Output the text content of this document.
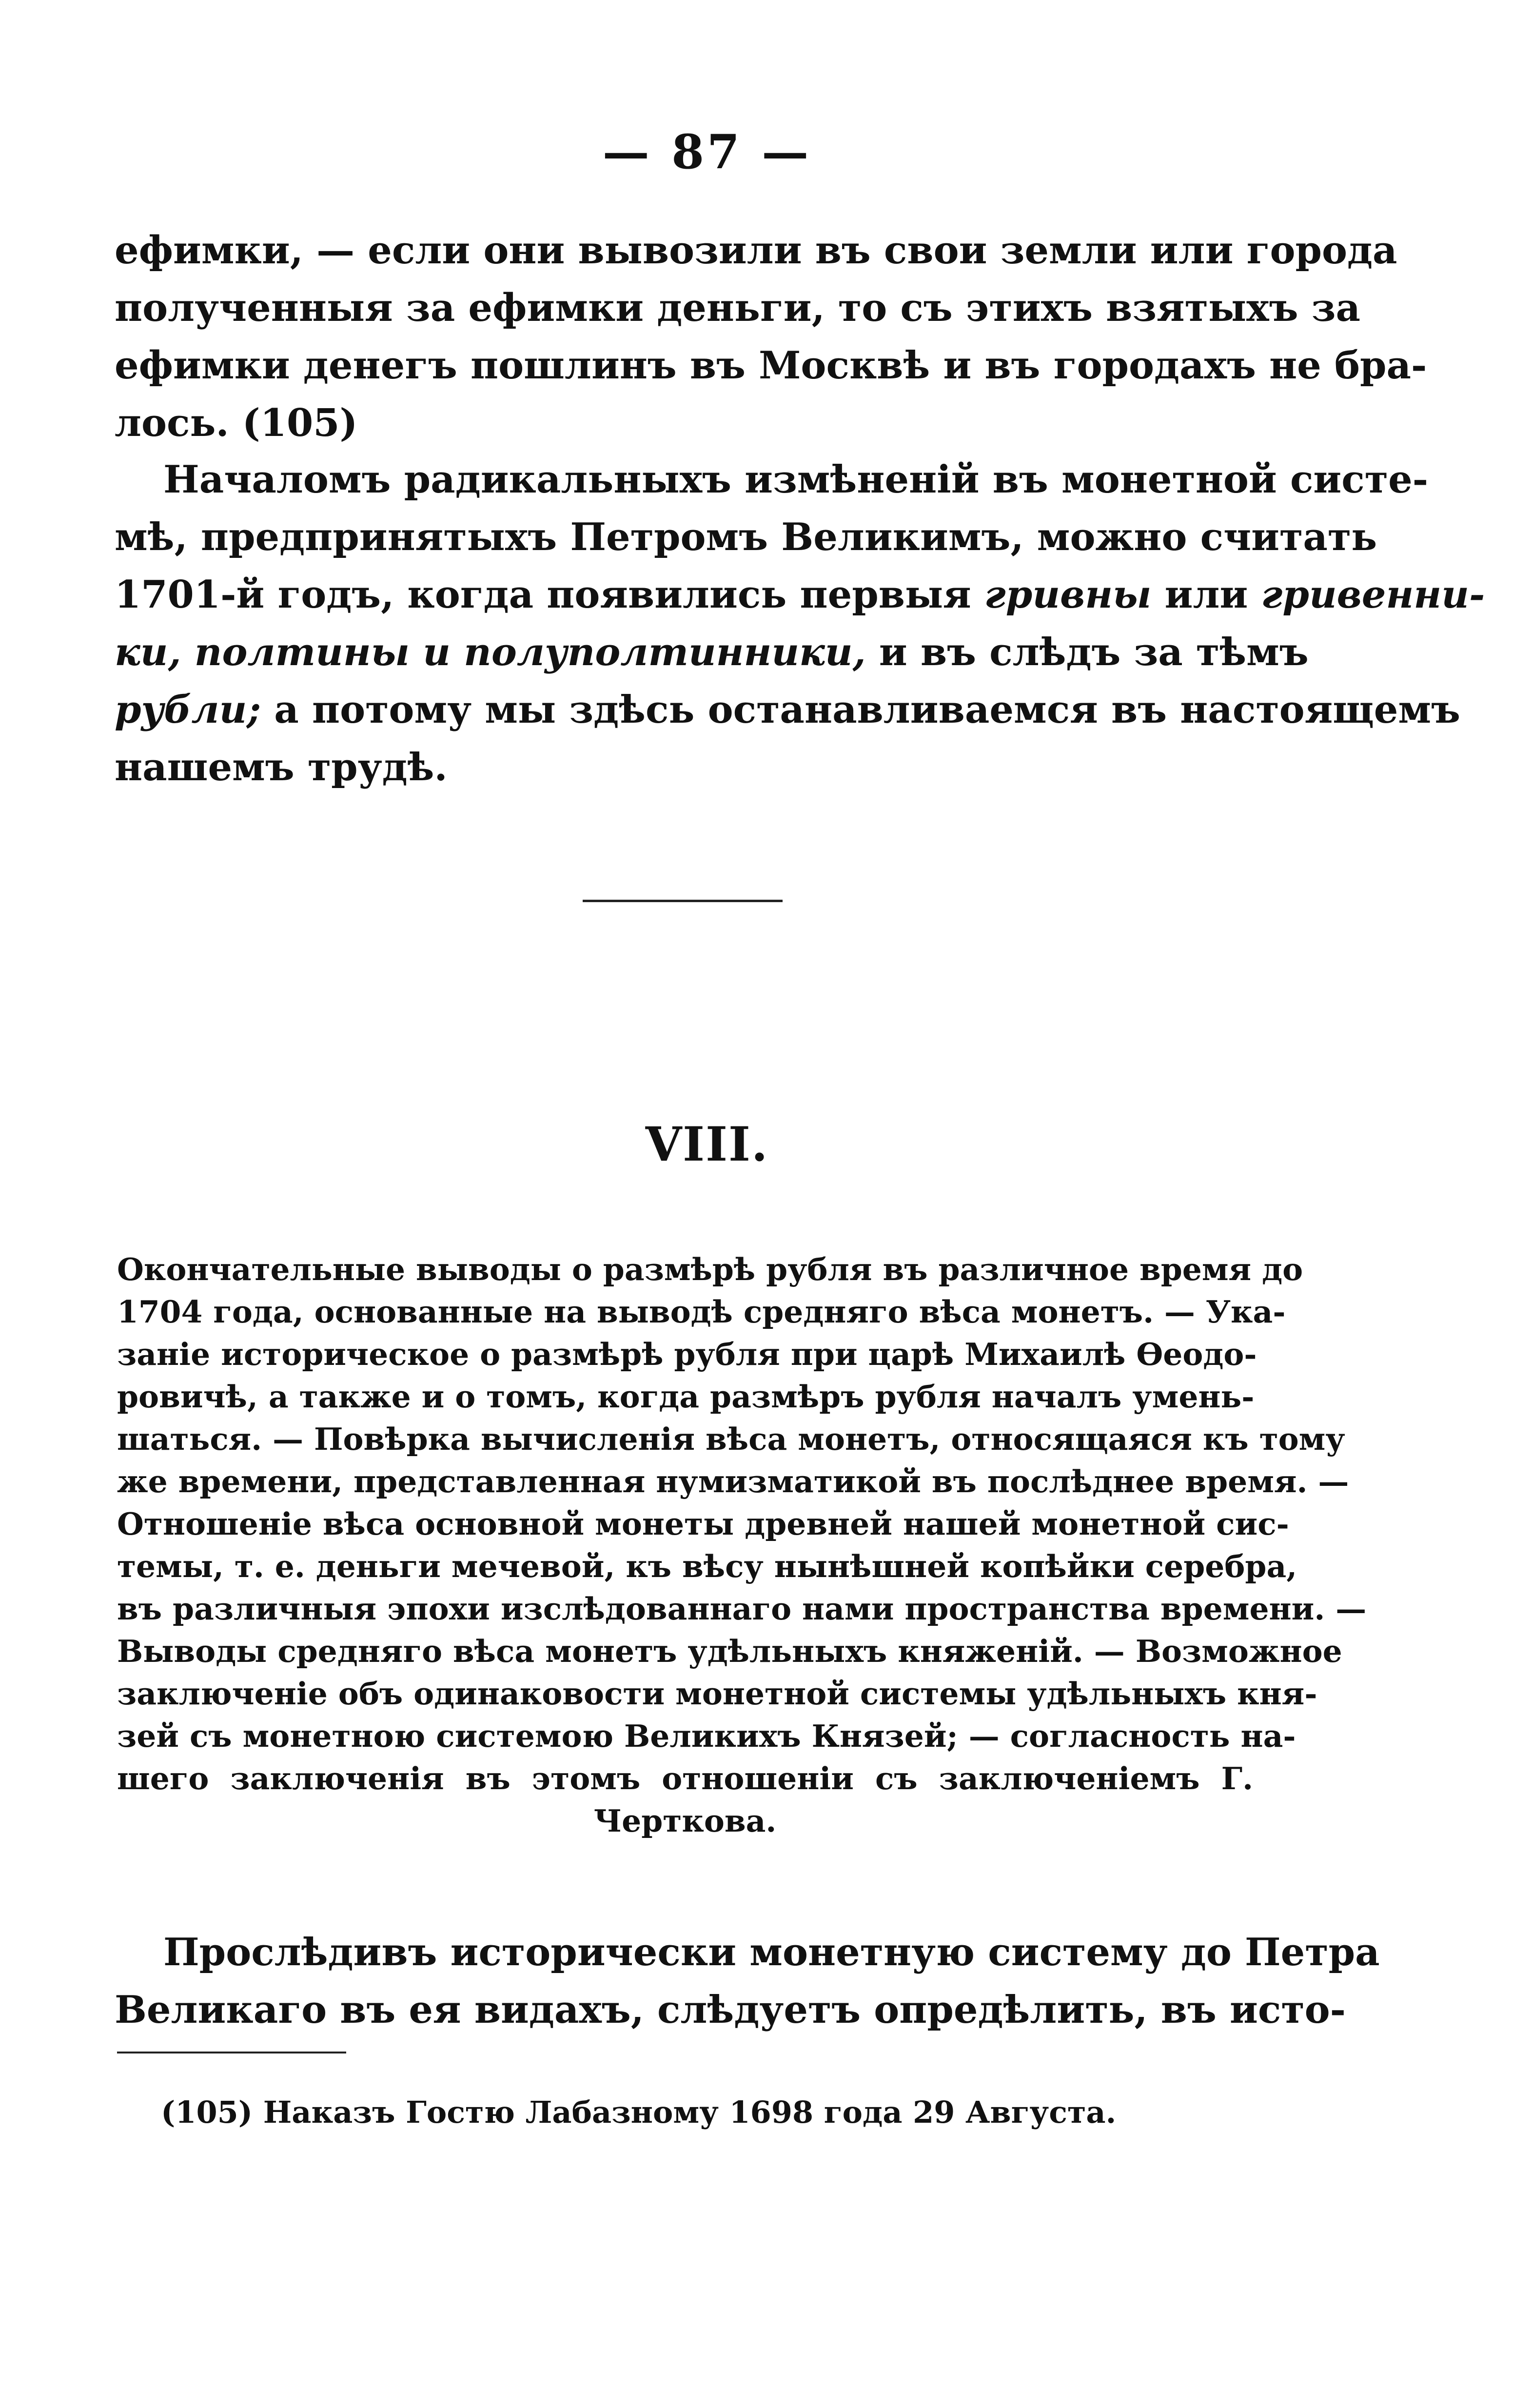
— 87 —
ефимки, — если они вывозили въ свои земли или города
полученныя за ефимки деньги, то съ этихъ взятыхъ за
ефимки денегъ пошлинъ въ Москвѣ и въ городахъ не бра-
лось. (105)
Началомъ радикальныхъ измѣненій въ монетной систе-
мѣ, предпринятыхъ Петромъ Великимъ, можно считать
1701-й годъ, когда появились первыя гривны или гривенни-
ки, полтины и полуполтинники, и въ слѣдъ за тѣмъ
рубли; а потому мы здѣсь останавливаемся въ настоящемъ
нашемъ трудѣ.
VIII.
Окончательные выводы о размѣрѣ рубля въ различное время до
1704 года, основанные на выводѣ средняго вѣса монетъ. — Ука-
заніе историческое о размѣрѣ рубля при царѣ Михаилѣ Ѳеодо-
ровичѣ, а также и о томъ, когда размѣръ рубля началъ умень-
шаться. — Повѣрка вычисленія вѣса монетъ, относящаяся къ тому
же времени, представленная нумизматикой въ послѣднее время. —
Отношеніе вѣса основной монеты древней нашей монетной сис-
темы, т. е. деньги мечевой, къ вѣсу нынѣшней копѣйки серебра,
въ различныя эпохи изслѣдованнаго нами пространства времени. —
Выводы средняго вѣса монетъ удѣльныхъ княженій. — Возможное
заключеніе объ одинаковости монетной системы удѣльныхъ кня-
зей съ монетною системою Великихъ Князей; — согласность на-
шего заключенія въ этомъ отношеніи съ заключеніемъ Г.
Черткова.
Прослѣдивъ исторически монетную систему до Петра
Великаго въ ея видахъ, слѣдуетъ опредѣлить, въ исто-
(105) Наказъ Гостю Лабазному 1698 года 29 Августа.
